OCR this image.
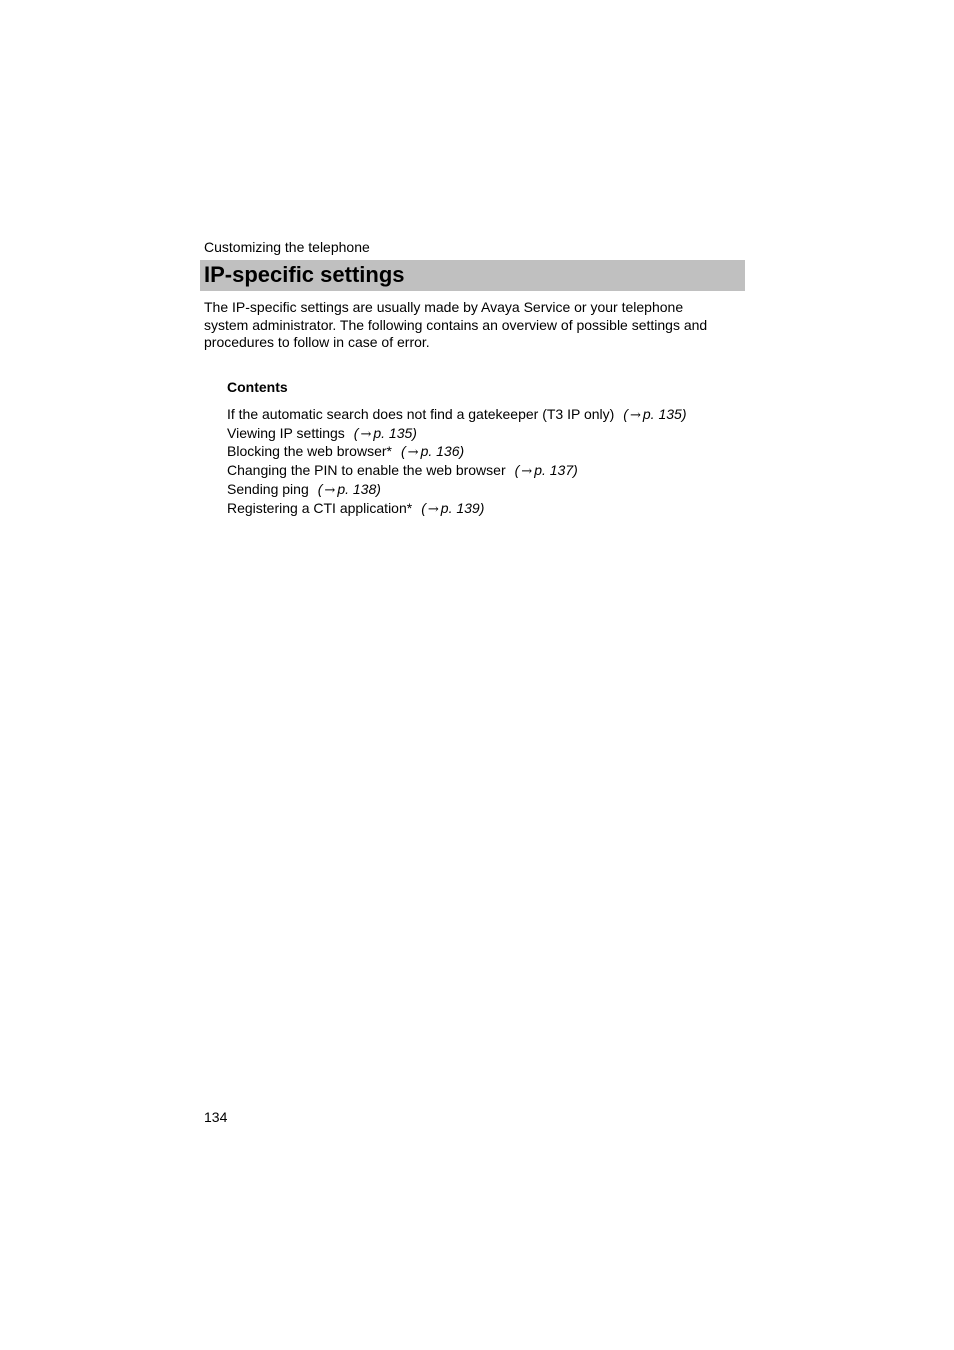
Customizing the telephone
IP-specific settings
The IP-specific settings are usually made by Avaya Service or your telephone
system administrator. The following contains an overview of possible settings and
procedures to follow in case of error.
Contents
If the automatic search does not find a gatekeeper (T3 IP only) ( → p. 135)
Viewing IP settings ( → p. 135)
Blocking the web browser* ( → p. 136)
Changing the PIN to enable the web browser ( → p. 137)
Sending ping ( → p. 138)
Registering a CTI application* ( → p. 139)
134
